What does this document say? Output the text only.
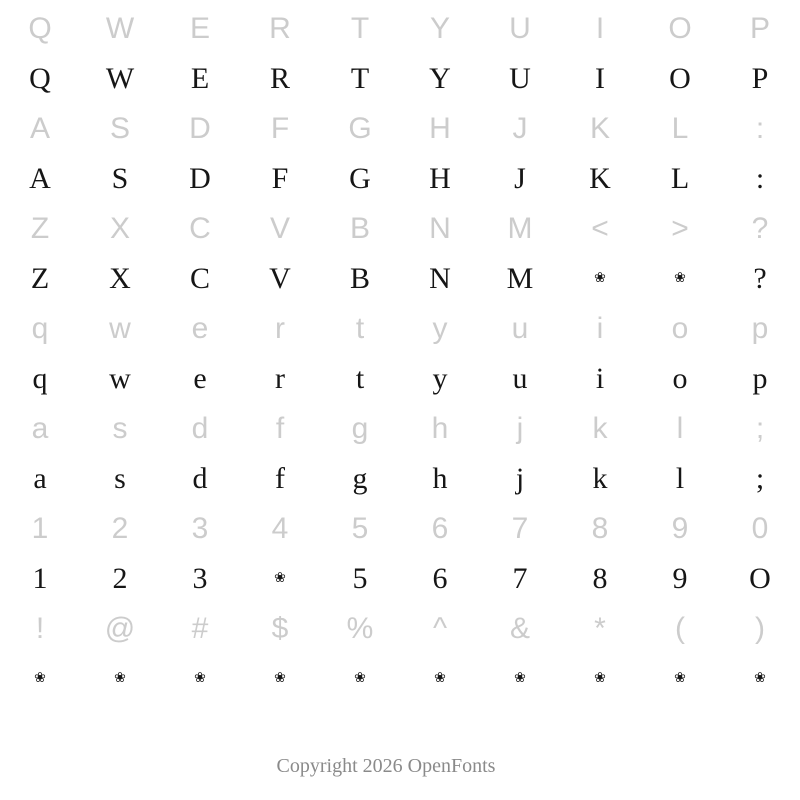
Q	W	E	R	T	Y	U	I	O	P
Q	W	E	R	T	Y	U	I	O	P
A	S	D	F	G	H	J	K	L	:
A	S	D	F	G	H	J	K	L	:
Z	X	C	V	B	N	M	<	>	?
Z	X	C	V	B	N	M	❀	❀	?
q	w	e	r	t	y	u	i	o	p
q	w	e	r	t	y	u	i	o	p
a	s	d	f	g	h	j	k	l	;
a	s	d	f	g	h	j	k	l	;
1	2	3	4	5	6	7	8	9	0
1	2	3	❀	5	6	7	8	9	O
!	@	#	$	%	^	&	*	(	)
❀	❀	❀	❀	❀	❀	❀	❀	❀	❀
Copyright 2026 OpenFonts
